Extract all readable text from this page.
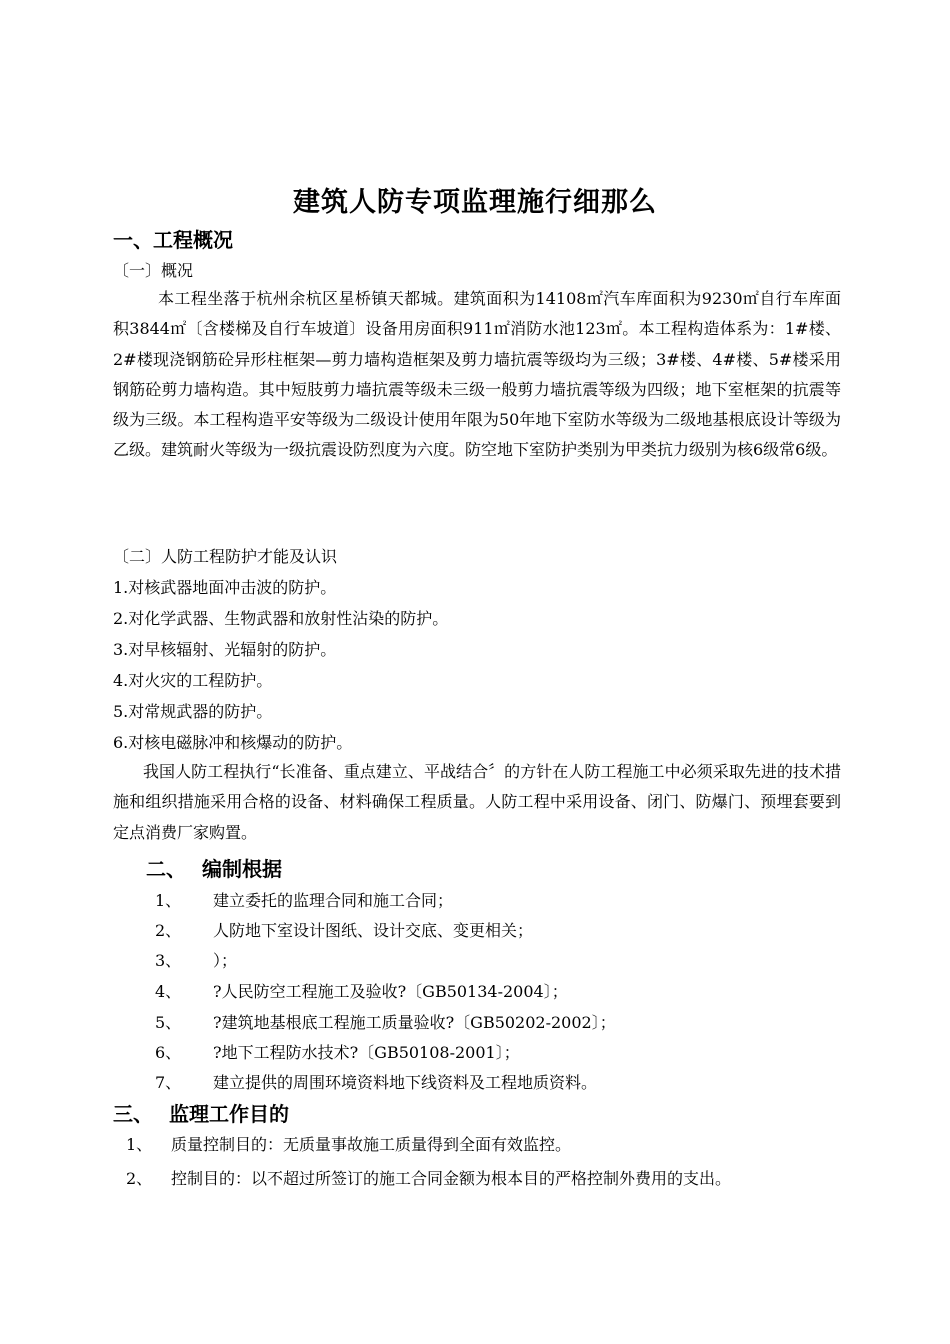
建筑人防专项监理施行细那么
一、工程概况
〔一〕概况

本工程坐落于杭州余杭区星桥镇天都城。建筑面积为14108㎡汽车库面积为9230㎡自行车库面积3844㎡〔含楼梯及自行车坡道〕设备用房面积911㎡消防水池123㎡。本工程构造体系为：1#楼、2#楼现浇钢筋砼异形柱框架—剪力墙构造框架及剪力墙抗震等级均为三级；3#楼、4#楼、5#楼采用钢筋砼剪力墙构造。其中短肢剪力墙抗震等级未三级一般剪力墙抗震等级为四级；地下室框架的抗震等级为三级。本工程构造平安等级为二级设计使用年限为50年地下室防水等级为二级地基根底设计等级为乙级。建筑耐火等级为一级抗震设防烈度为六度。防空地下室防护类别为甲类抗力级别为核6级常6级。

〔二〕人防工程防护才能及认识
1.对核武器地面冲击波的防护。
2.对化学武器、生物武器和放射性沾染的防护。
3.对早核辐射、光辐射的防护。
4.对火灾的工程防护。
5.对常规武器的防护。
6.对核电磁脉冲和核爆动的防护。

我国人防工程执行“长准备、重点建立、平战结合〞的方针在人防工程施工中必须采取先进的技术措施和组织措施采用合格的设备、材料确保工程质量。人防工程中采用设备、闭门、防爆门、预埋套要到定点消费厂家购置。

二、 编制根据
1、 建立委托的监理合同和施工合同；
2、 人防地下室设计图纸、设计交底、变更相关；
3、 ）；
4、 ?人民防空工程施工及验收?〔GB50134-2004〕；
5、 ?建筑地基根底工程施工质量验收?〔GB50202-2002〕；
6、 ?地下工程防水技术?〔GB50108-2001〕；
7、 建立提供的周围环境资料地下线资料及工程地质资料。
三、 监理工作目的
1、 质量控制目的：无质量事故施工质量得到全面有效监控。
2、 控制目的：以不超过所签订的施工合同金额为根本目的严格控制外费用的支出。
